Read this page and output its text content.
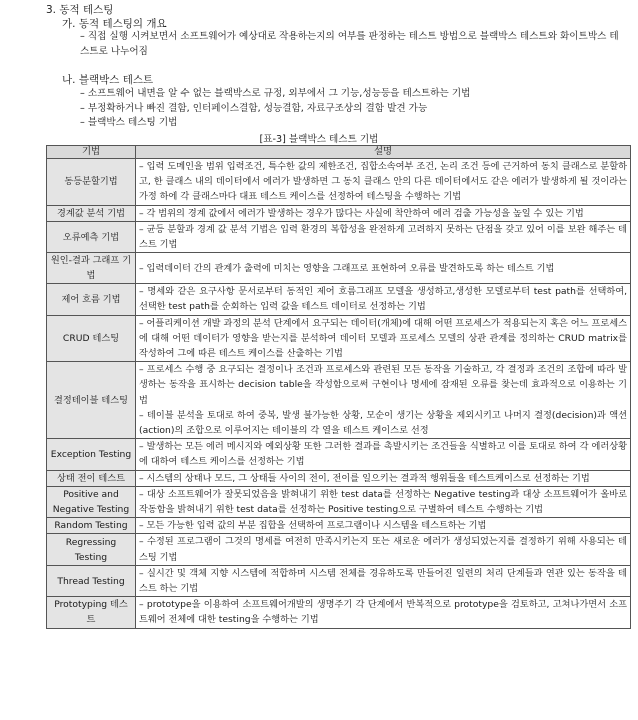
3. 동적 테스팅
가. 동적 테스팅의 개요
– 직접 실행 시켜보면서 소프트웨어가 예상대로 작용하는지의 여부를 판정하는 테스트 방법으로 블랙박스 테스트와 화이트박스 테스트로 나누어짐
나. 블랙박스 테스트
– 소프트웨어 내면을 알 수 없는 블랙박스로 규정, 외부에서 그 기능,성능등을 테스트하는 기법
– 부정확하거나 빠진 결함, 인터페이스결함, 성능결함, 자료구조상의 결함 발견 가능
– 블랙박스 테스팅 기법
[표-3] 블랙박스 테스트 기법
기법	설명
동등분할기법	– 입력 도메인을 범위 입력조건, 특수한 값의 제한조건, 집합소속여부 조건, 논리 조건 등에 근거하여 동치 클래스로 분할하고, 한 클래스 내의 데이터에서 에러가 발생하면 그 동치 클래스 안의 다른 데이터에서도 같은 에러가 발생하게 될 것이라는 가정 하에 각 클래스마다 대표 테스트 케이스를 선정하여 테스팅을 수행하는 기법

경계값 분석 기법	– 각 범위의 경계 값에서 에러가 발생하는 경우가 많다는 사실에 착안하여 에러 검출 가능성을 높일 수 있는 기법

오류예측 기법	– 균등 분할과 경계 값 분석 기법은 입력 환경의 복합성을 완전하게 고려하지 못하는 단점을 갖고 있어 이를 보완 해주는 테스트 기법

원인-결과 그래프 기법	– 입력데이터 간의 관계가 출력에 미치는 영향을 그래프로 표현하여 오류를 발견하도록 하는 테스트 기법

제어 흐름 기법	– 명세와 같은 요구사항 문서로부터 동적인 제어 흐름그래프 모델을 생성하고,생성한 모델로부터 test path를 선택하여, 선택한 test path를 순회하는 입력 값을 테스트 데이터로 선정하는 기법

CRUD 테스팅	– 어플리케이션 개발 과정의 분석 단계에서 요구되는 데이터(개체)에 대해 어떤 프로세스가 적용되는지 혹은 어느 프로세스에 대해 어떤 데이터가 영향을 받는지를 분석하여 데이터 모델과 프로세스 모델의 상관 관계를 정의하는 CRUD matrix를 작성하여 그에 따른 테스트 케이스를 산출하는 기법

결정테이블 테스팅	– 프로세스 수행 중 요구되는 결정이나 조건과 프로세스와 관련된 모든 동작을 기술하고, 각 결정과 조건의 조합에 따라 발생하는 동작을 표시하는 decision table을 작성함으로써 구현이나 명세에 잠재된 오류를 찾는데 효과적으로 이용하는 기법
– 테이블 분석을 토대로 하여 중복, 발생 불가능한 상황, 모순이 생기는 상황을 제외시키고 나머지 결정(decision)과 액션(action)의 조합으로 이루어지는 테이블의 각 열을 테스트 케이스로 선정

Exception Testing	– 발생하는 모든 에러 메시지와 예외상황 또한 그러한 결과를 촉발시키는 조건들을 식별하고 이를 토대로 하여 각 에러상황에 대하여 테스트 케이스를 선정하는 기법

상태 전이 테스트	– 시스템의 상태나 모드, 그 상태들 사이의 전이, 전이를 일으키는 결과적 행위들을 테스트케이스로 선정하는 기법

Positive and Negative Testing	– 대상 소프트웨어가 잘못되었음을 밝혀내기 위한 test data를 선정하는 Negative testing과 대상 소프트웨어가 올바로 작동함을 밝혀내기 위한 test data를 선정하는 Positive testing으로 구별하여 테스트 수행하는 기법

Random Testing	– 모든 가능한 입력 값의 부분 집합을 선택하여 프로그램이나 시스템을 테스트하는 기법

Regressing Testing	– 수정된 프로그램이 그것의 명세를 여전히 만족시키는지 또는 새로운 에러가 생성되었는지를 결정하기 위해 사용되는 테스팅 기법

Thread Testing	– 실시간 및 객체 지향 시스템에 적합하며 시스템 전체를 경유하도록 만들어진 일련의 처리 단계들과 연관 있는 동작을 테스트 하는 기법

Prototyping 테스트	– prototype을 이용하여 소프트웨어개발의 생명주기 각 단계에서 반복적으로 prototype을 검토하고, 고쳐나가면서 소프트웨어 전체에 대한 testing을 수행하는 기법
